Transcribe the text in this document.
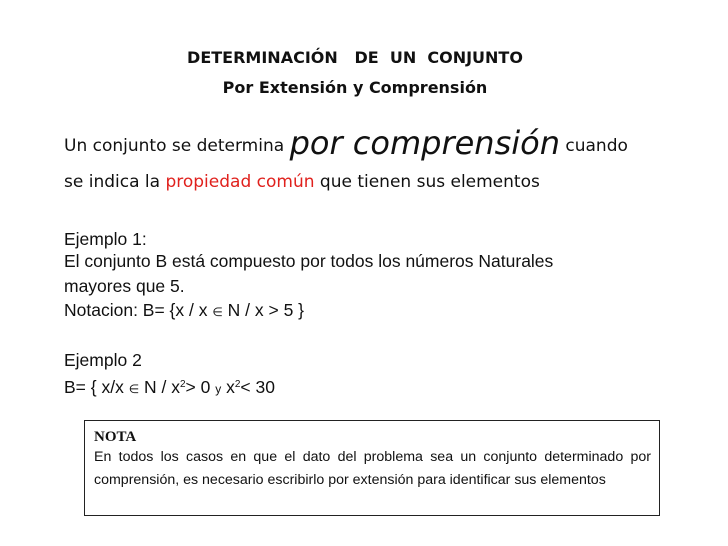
DETERMINACIÓN   DE  UN  CONJUNTO
Por Extensión y Comprensión
Un conjunto se determina por comprensión cuando
se indica la propiedad común que tienen sus elementos
Ejemplo 1:
El conjunto B está compuesto por todos los números Naturales
mayores que 5.
Notacion: B= {x / x ∈ N / x > 5 }
Ejemplo 2
B= { x/x ∈ $N / x^2> 0$ y $x^2< 30$
NOTA
En todos los casos en que el dato del problema sea un conjunto determinado por comprensión, es necesario escribirlo por extensión para identificar sus elementos
